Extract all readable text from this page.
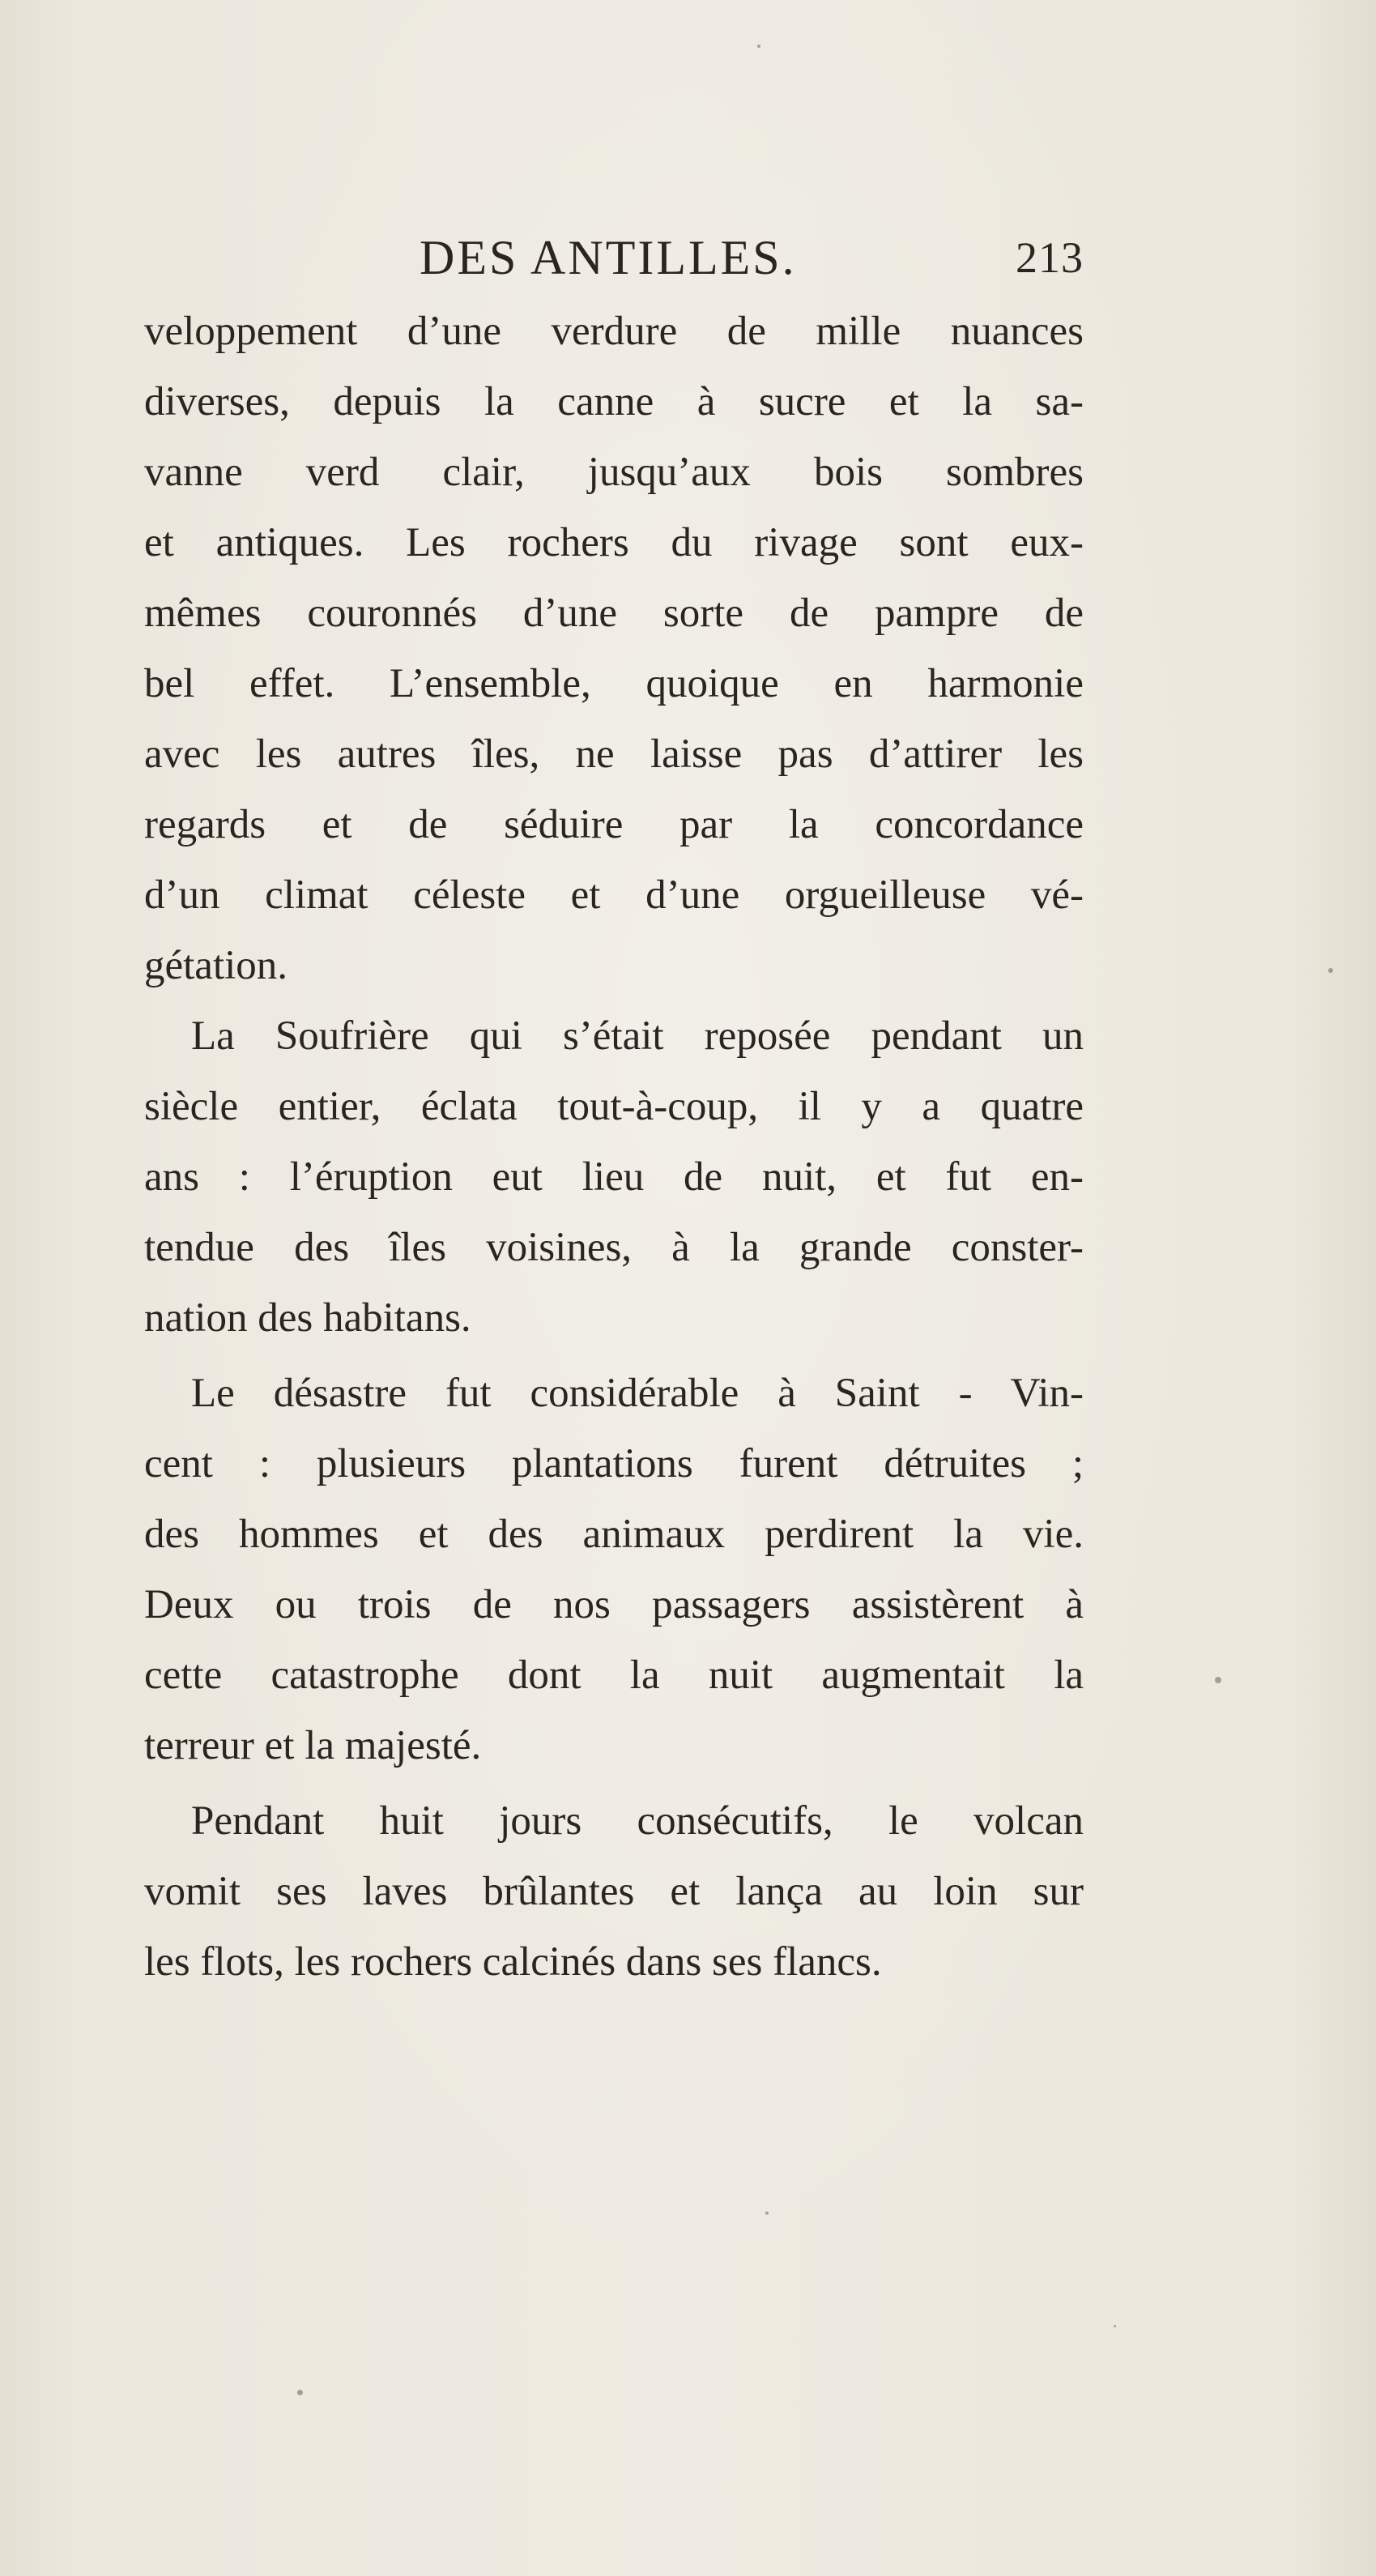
DES ANTILLES.	213
veloppement d’une verdure de mille nuances
diverses, depuis la canne à sucre et la sa-
vanne verd clair, jusqu’aux bois sombres
et antiques. Les rochers du rivage sont eux-
mêmes couronnés d’une sorte de pampre de
bel effet. L’ensemble, quoique en harmonie
avec les autres îles, ne laisse pas d’attirer les
regards et de séduire par la concordance
d’un climat céleste et d’une orgueilleuse vé-
gétation.
La Soufrière qui s’était reposée pendant un
siècle entier, éclata tout-à-coup, il y a quatre
ans : l’éruption eut lieu de nuit, et fut en-
tendue des îles voisines, à la grande conster-
nation des habitans.
Le désastre fut considérable à Saint - Vin-
cent : plusieurs plantations furent détruites ;
des hommes et des animaux perdirent la vie.
Deux ou trois de nos passagers assistèrent à
cette catastrophe dont la nuit augmentait la
terreur et la majesté.
Pendant huit jours consécutifs, le volcan
vomit ses laves brûlantes et lança au loin sur
les flots, les rochers calcinés dans ses flancs.
